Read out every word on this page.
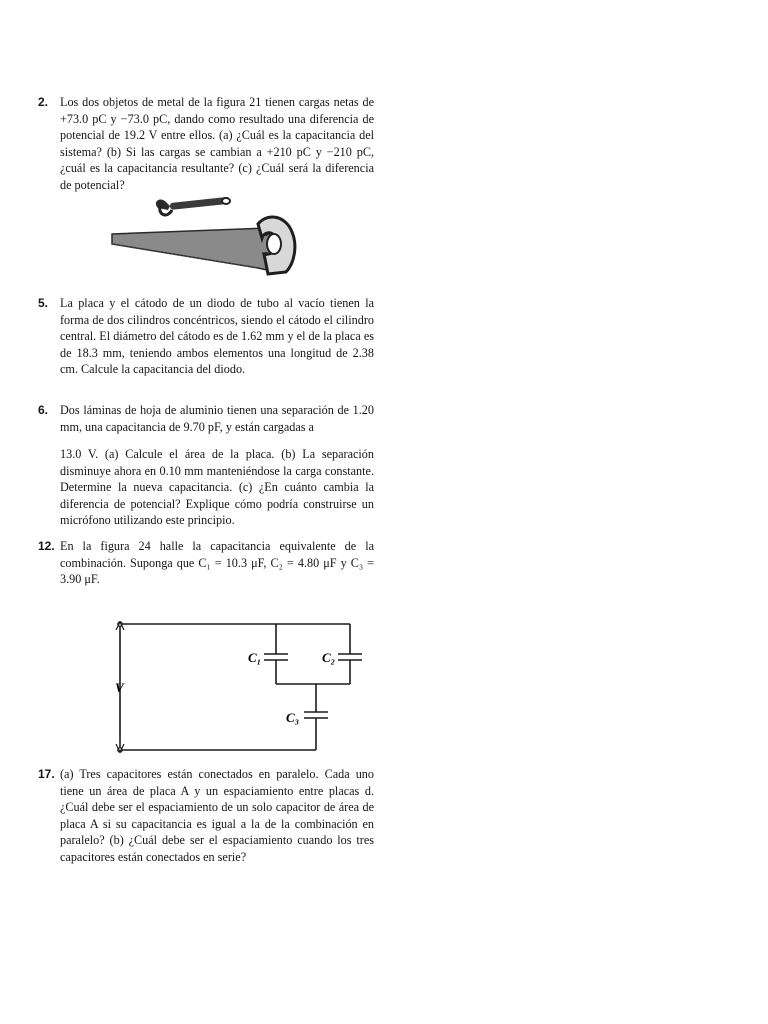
2. Los dos objetos de metal de la figura 21 tienen cargas netas de +73.0 pC y −73.0 pC, dando como resultado una diferencia de potencial de 19.2 V entre ellos. (a) ¿Cuál es la capacitancia del sistema? (b) Si las cargas se cambian a +210 pC y −210 pC, ¿cuál es la capacitancia resultante? (c) ¿Cuál será la diferencia de potencial?
5. La placa y el cátodo de un diodo de tubo al vacío tienen la forma de dos cilindros concéntricos, siendo el cátodo el cilindro central. El diámetro del cátodo es de 1.62 mm y el de la placa es de 18.3 mm, teniendo ambos elementos una longitud de 2.38 cm. Calcule la capacitancia del diodo.
6. Dos láminas de hoja de aluminio tienen una separación de 1.20 mm, una capacitancia de 9.70 pF, y están cargadas a
13.0 V. (a) Calcule el área de la placa. (b) La separación disminuye ahora en 0.10 mm manteniéndose la carga constante. Determine la nueva capacitancia. (c) ¿En cuánto cambia la diferencia de potencial? Explique cómo podría construirse un micrófono utilizando este principio.
12. En la figura 24 halle la capacitancia equivalente de la combinación. Suponga que C₁ = 10.3 μF, C₂ = 4.80 μF y C₃ = 3.90 μF.
V
C₁	C₂
C₃
17. (a) Tres capacitores están conectados en paralelo. Cada uno tiene un área de placa A y un espaciamiento entre placas d. ¿Cuál debe ser el espaciamiento de un solo capacitor de área de placa A si su capacitancia es igual a la de la combinación en paralelo? (b) ¿Cuál debe ser el espaciamiento cuando los tres capacitores están conectados en serie?
